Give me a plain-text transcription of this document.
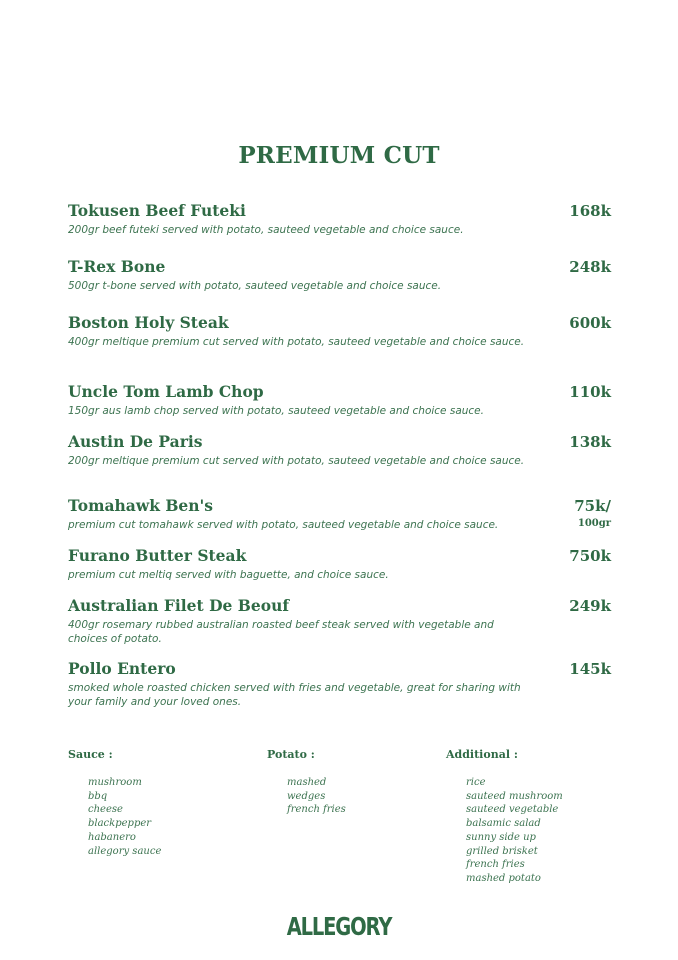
PREMIUM CUT
Tokusen Beef Futeki
200gr beef futeki served with potato, sauteed vegetable and choice sauce.
168k
T-Rex Bone
500gr t-bone served with potato, sauteed vegetable and choice sauce.
248k
Boston Holy Steak
400gr meltique premium cut served with potato, sauteed vegetable and choice sauce.
600k
Uncle Tom Lamb Chop
150gr aus lamb chop served with potato, sauteed vegetable and choice sauce.
110k
Austin De Paris
200gr meltique premium cut served with potato, sauteed vegetable and choice sauce.
138k
Tomahawk Ben's
premium cut tomahawk served with potato, sauteed vegetable and choice sauce.
75k/
100gr
Furano Butter Steak
premium cut meltiq served with baguette, and choice sauce.
750k
Australian Filet De Beouf
400gr rosemary rubbed australian roasted beef steak served with vegetable and choices of potato.
249k
Pollo Entero
smoked whole roasted chicken served with fries and vegetable, great for sharing with your family and your loved ones.
145k
Sauce :
mushroom
bbq
cheese
blackpepper
habanero
allegory sauce
Potato :
mashed
wedges
french fries
Additional :
rice
sauteed mushroom
sauteed vegetable
balsamic salad
sunny side up
grilled brisket
french fries
mashed potato
ALLEGORY
